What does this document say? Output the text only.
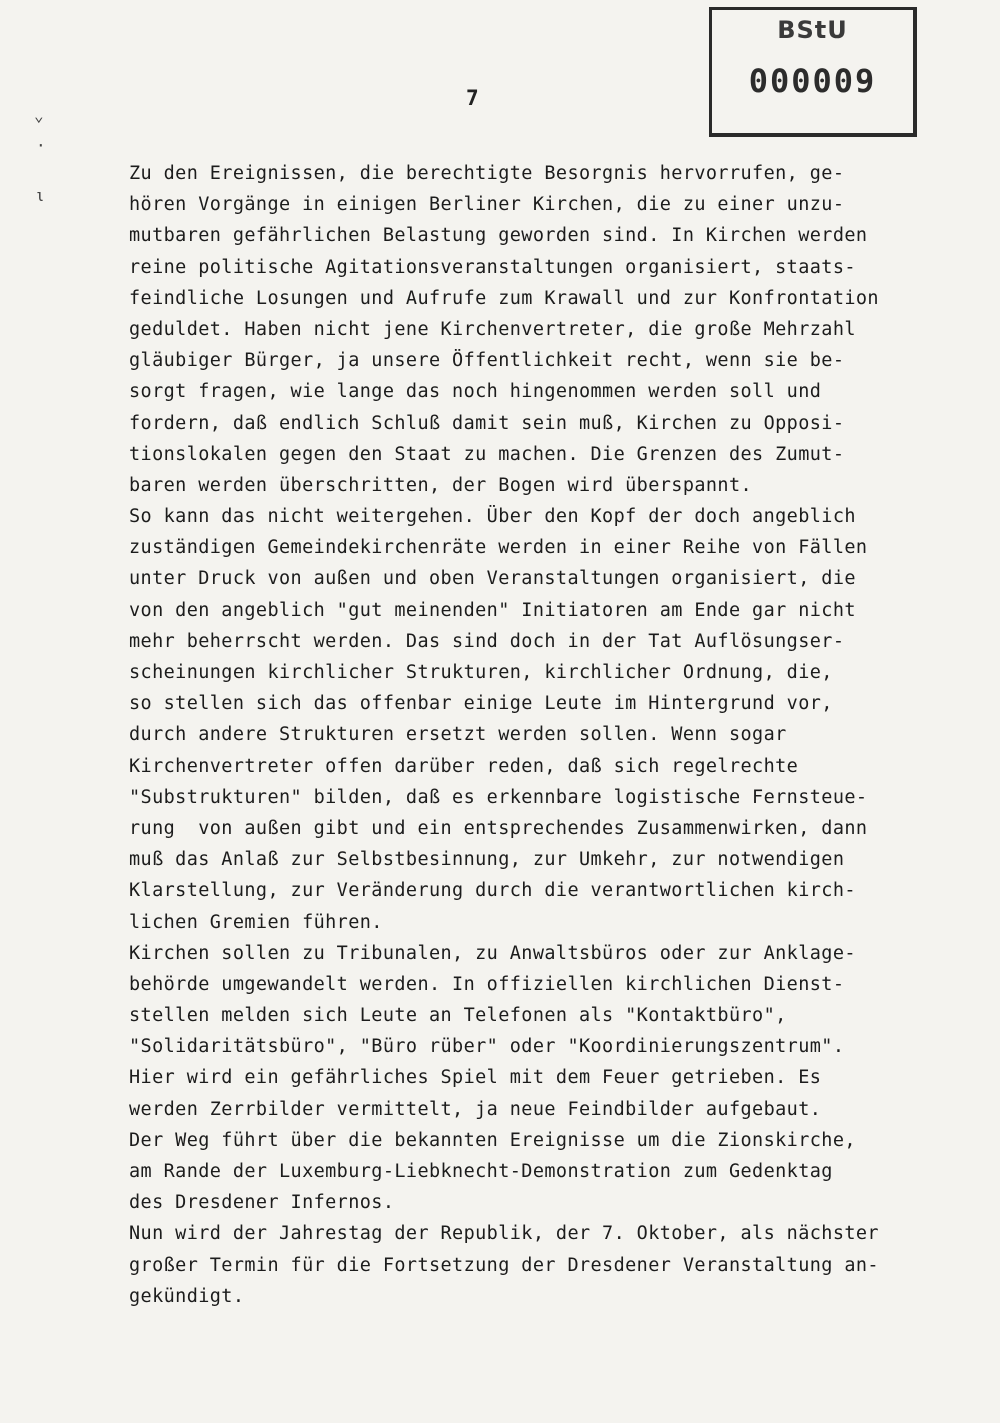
BStU
000009
7
⌄
·
ι
Zu den Ereignissen, die berechtigte Besorgnis hervorrufen, ge-
hören Vorgänge in einigen Berliner Kirchen, die zu einer unzu-
mutbaren gefährlichen Belastung geworden sind. In Kirchen werden
reine politische Agitationsveranstaltungen organisiert, staats-
feindliche Losungen und Aufrufe zum Krawall und zur Konfrontation
geduldet. Haben nicht jene Kirchenvertreter, die große Mehrzahl
gläubiger Bürger, ja unsere Öffentlichkeit recht, wenn sie be-
sorgt fragen, wie lange das noch hingenommen werden soll und
fordern, daß endlich Schluß damit sein muß, Kirchen zu Opposi-
tionslokalen gegen den Staat zu machen. Die Grenzen des Zumut-
baren werden überschritten, der Bogen wird überspannt.
So kann das nicht weitergehen. Über den Kopf der doch angeblich
zuständigen Gemeindekirchenräte werden in einer Reihe von Fällen
unter Druck von außen und oben Veranstaltungen organisiert, die
von den angeblich "gut meinenden" Initiatoren am Ende gar nicht
mehr beherrscht werden. Das sind doch in der Tat Auflösungser-
scheinungen kirchlicher Strukturen, kirchlicher Ordnung, die,
so stellen sich das offenbar einige Leute im Hintergrund vor,
durch andere Strukturen ersetzt werden sollen. Wenn sogar
Kirchenvertreter offen darüber reden, daß sich regelrechte
"Substrukturen" bilden, daß es erkennbare logistische Fernsteue-
rung  von außen gibt und ein entsprechendes Zusammenwirken, dann
muß das Anlaß zur Selbstbesinnung, zur Umkehr, zur notwendigen
Klarstellung, zur Veränderung durch die verantwortlichen kirch-
lichen Gremien führen.
Kirchen sollen zu Tribunalen, zu Anwaltsbüros oder zur Anklage-
behörde umgewandelt werden. In offiziellen kirchlichen Dienst-
stellen melden sich Leute an Telefonen als "Kontaktbüro",
"Solidaritätsbüro", "Büro rüber" oder "Koordinierungszentrum".
Hier wird ein gefährliches Spiel mit dem Feuer getrieben. Es
werden Zerrbilder vermittelt, ja neue Feindbilder aufgebaut.
Der Weg führt über die bekannten Ereignisse um die Zionskirche,
am Rande der Luxemburg-Liebknecht-Demonstration zum Gedenktag
des Dresdener Infernos.
Nun wird der Jahrestag der Republik, der 7. Oktober, als nächster
großer Termin für die Fortsetzung der Dresdener Veranstaltung an-
gekündigt.
